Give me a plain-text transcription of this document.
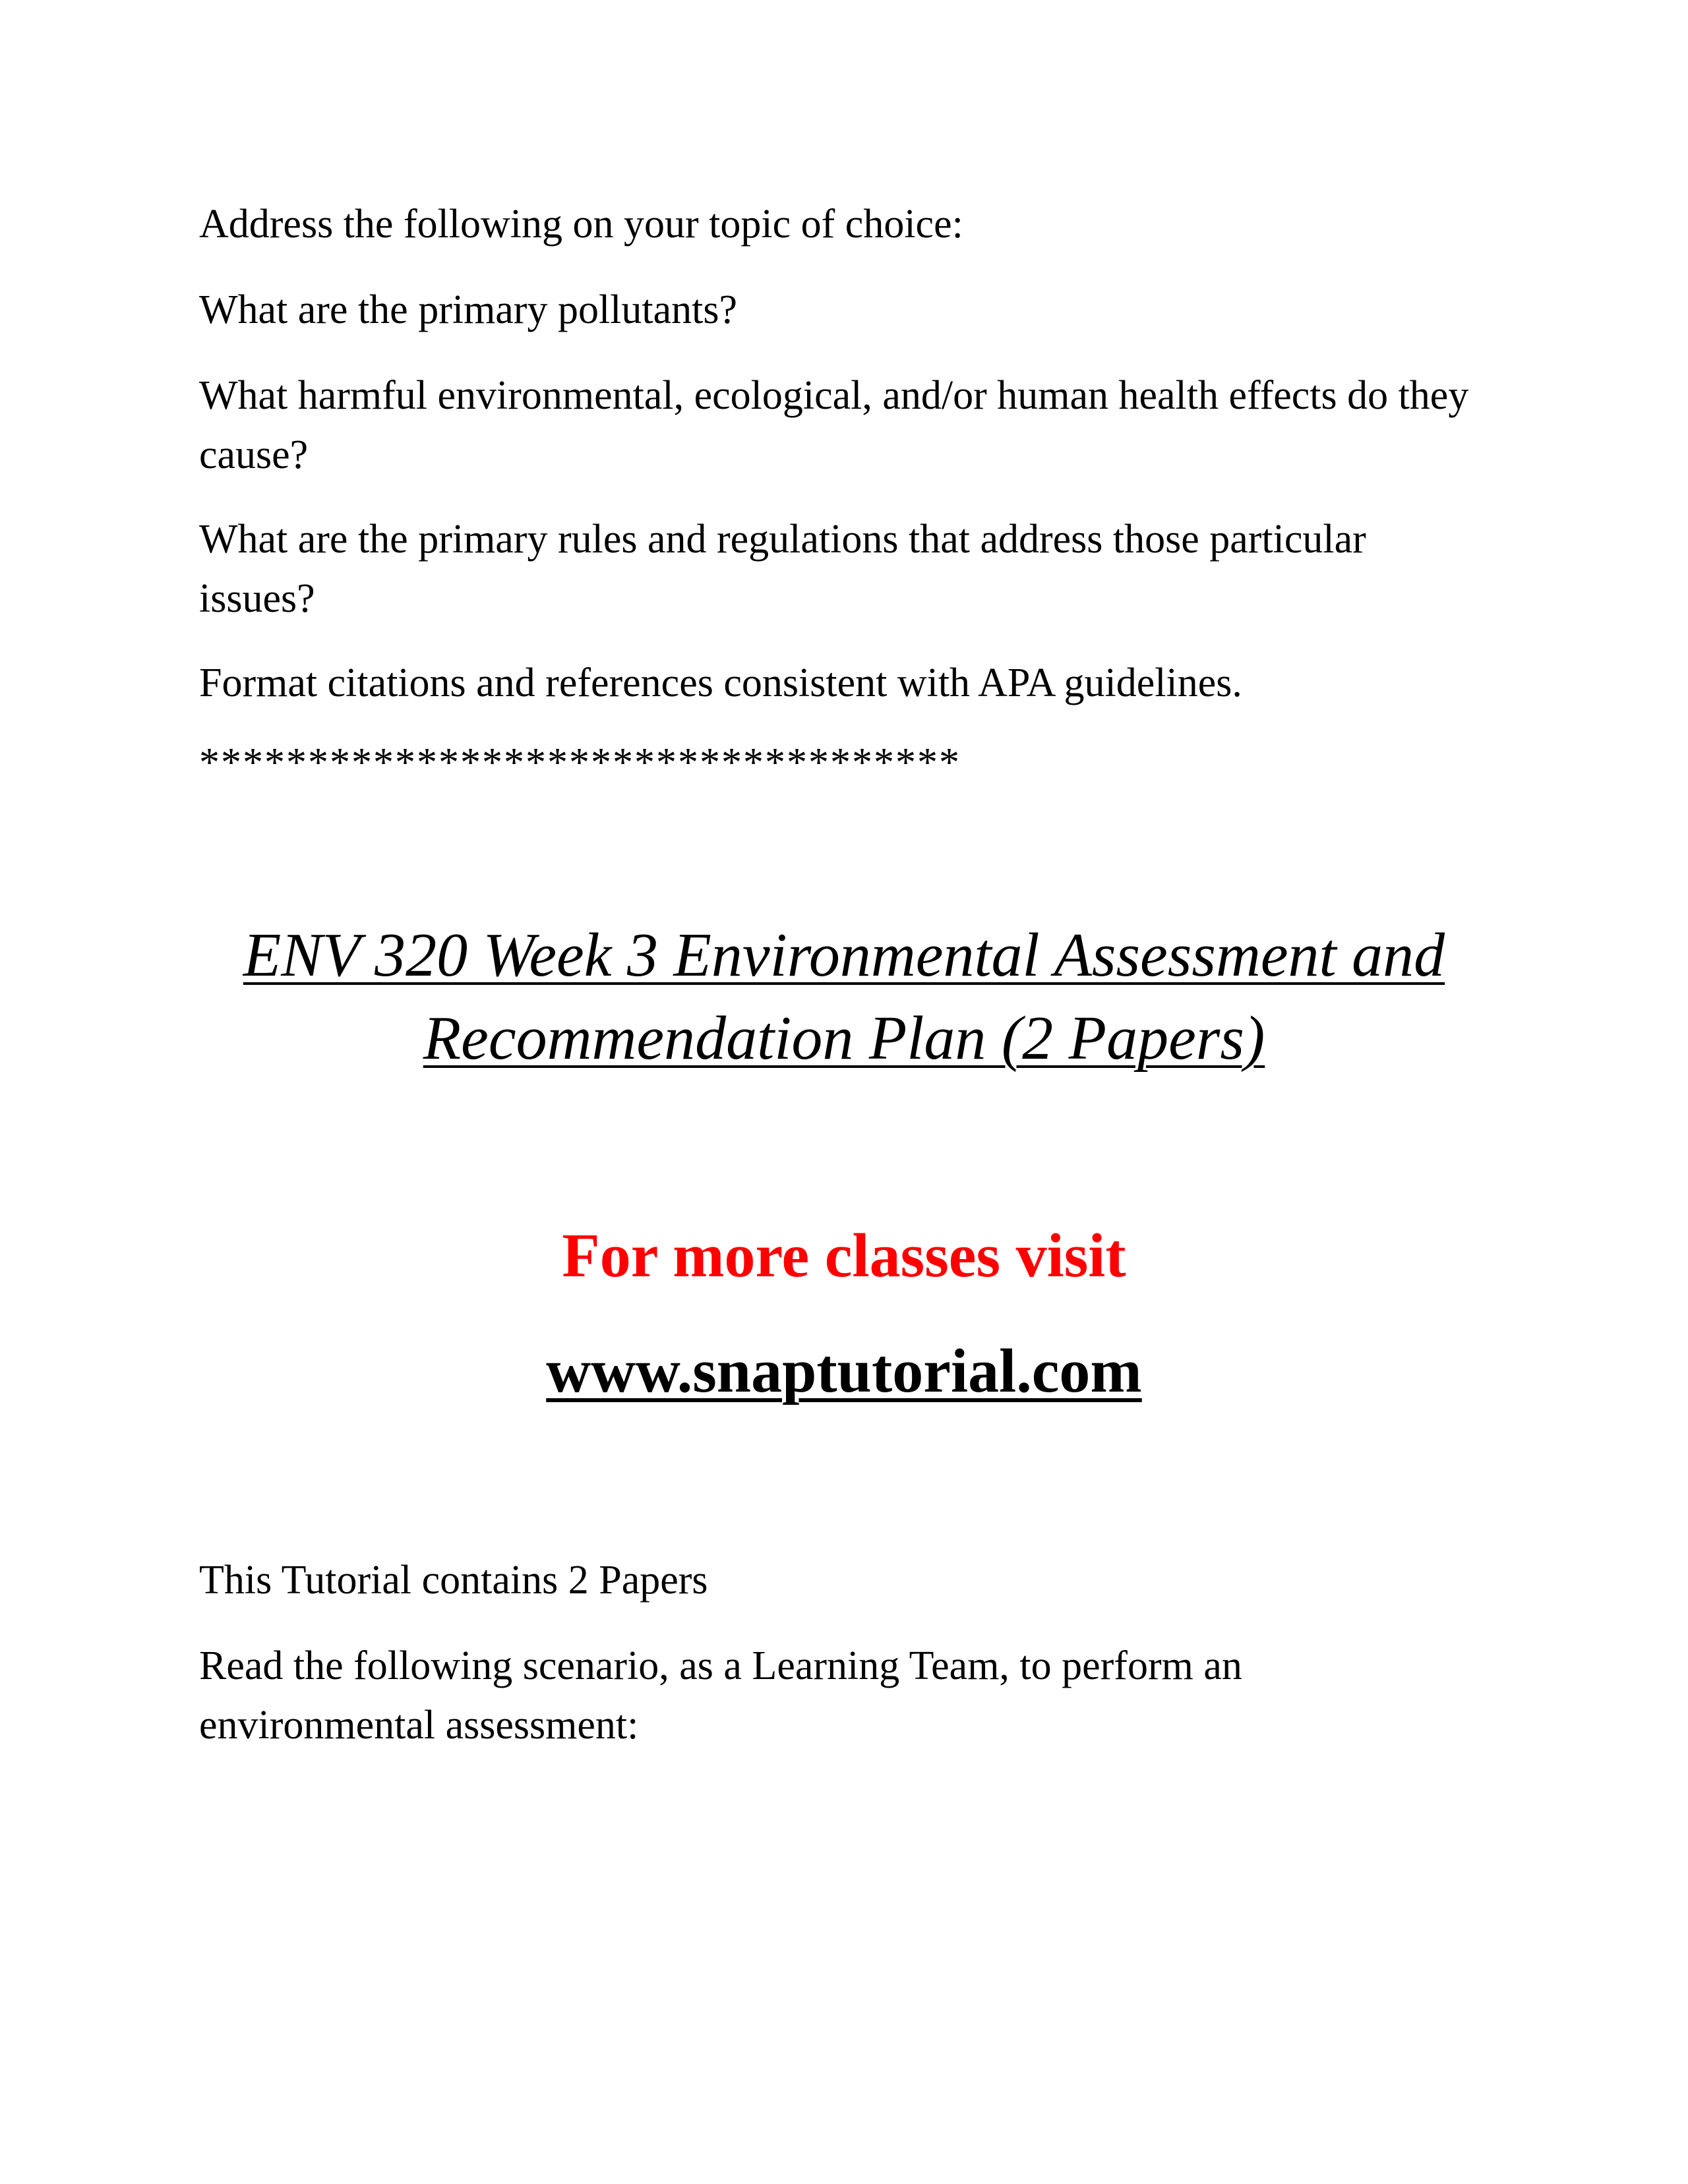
Address the following on your topic of choice:

What are the primary pollutants?

What harmful environmental, ecological, and/or human health effects do they cause?

What are the primary rules and regulations that address those particular issues?

Format citations and references consistent with APA guidelines.

***********************************

ENV 320 Week 3 Environmental Assessment and

Recommendation Plan (2 Papers)

For more classes visit

www.snaptutorial.com

This Tutorial contains 2 Papers

Read the following scenario, as a Learning Team, to perform an environmental assessment:
